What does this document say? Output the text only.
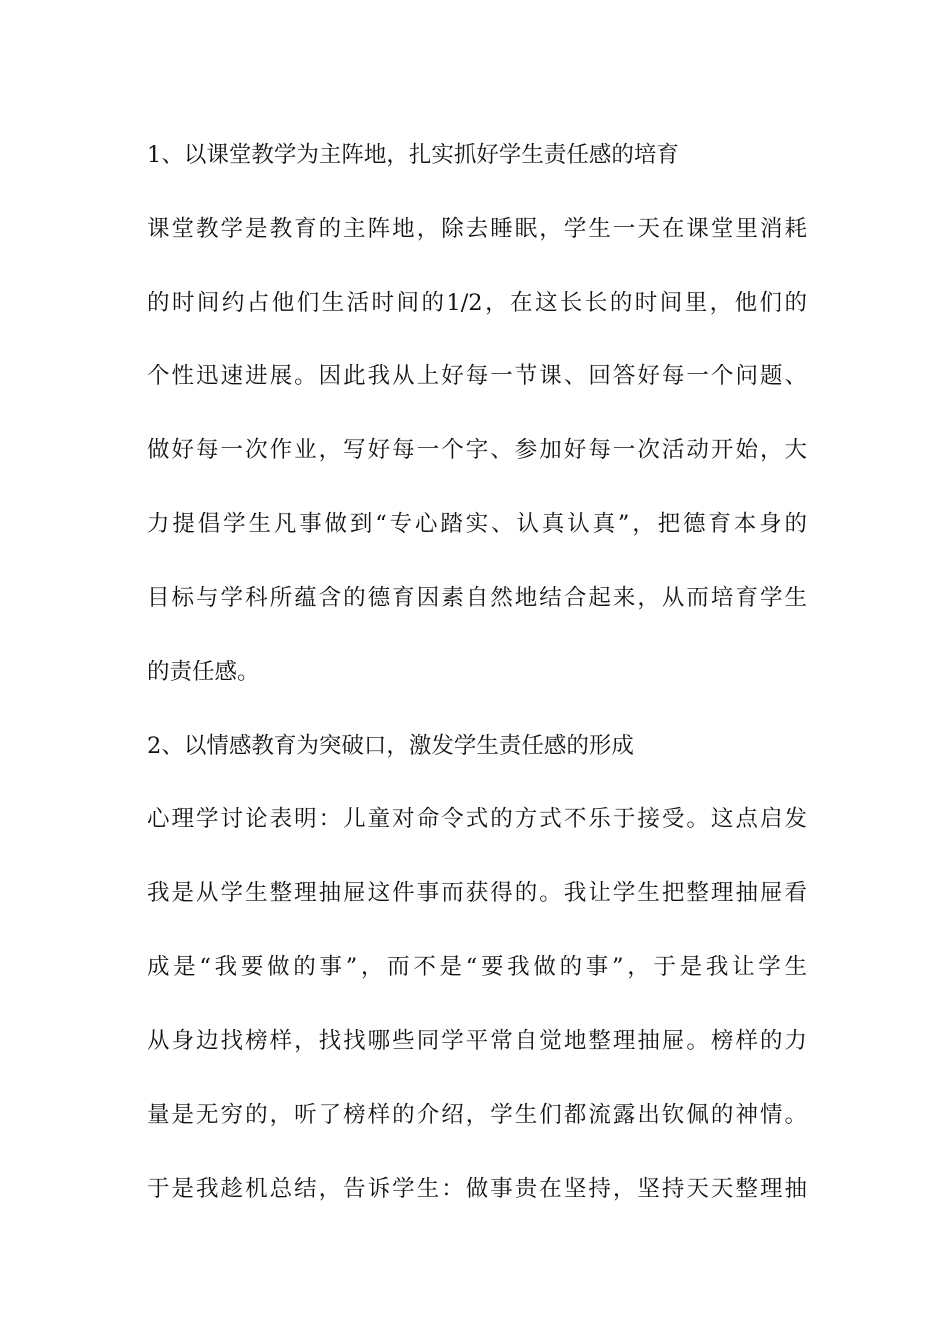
1、以课堂教学为主阵地，扎实抓好学生责任感的培育
课堂教学是教育的主阵地，除去睡眠，学生一天在课堂里消耗
的时间约占他们生活时间的1/2，在这长长的时间里，他们的
个性迅速进展。因此我从上好每一节课、回答好每一个问题、
做好每一次作业，写好每一个字、参加好每一次活动开始，大
力提倡学生凡事做到“专心踏实、认真认真”，把德育本身的
目标与学科所蕴含的德育因素自然地结合起来，从而培育学生
的责任感。
2、以情感教育为突破口，激发学生责任感的形成
心理学讨论表明：儿童对命令式的方式不乐于接受。这点启发
我是从学生整理抽屉这件事而获得的。我让学生把整理抽屉看
成是“我要做的事”，而不是“要我做的事”，于是我让学生
从身边找榜样，找找哪些同学平常自觉地整理抽屉。榜样的力
量是无穷的，听了榜样的介绍，学生们都流露出钦佩的神情。
于是我趁机总结，告诉学生：做事贵在坚持，坚持天天整理抽
